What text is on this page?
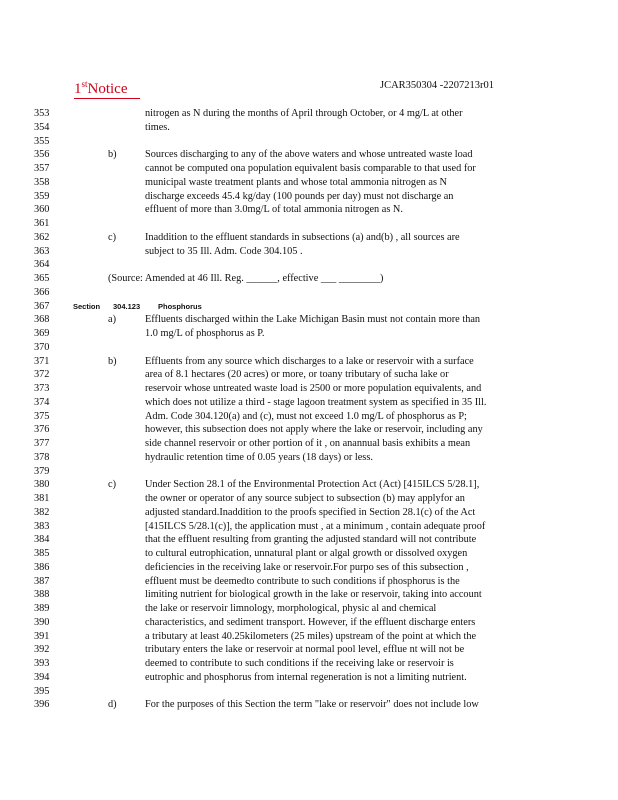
1stNotice	JCAR350304 -2207213r01
353	nitrogen as N during the months of April through October, or 4 mg/L at other
354	times.
355
356	b)	Sources discharging to any of the above waters and whose untreated waste load
357	cannot be computed ona population equivalent basis comparable to that used for
358	municipal waste treatment plants and whose total ammonia nitrogen as N
359	discharge exceeds 45.4 kg/day (100 pounds per day) must not discharge an
360	effluent of more than 3.0mg/L of total ammonia nitrogen as N.
361
362	c)	Inaddition to the effluent standards in subsections (a) and(b) , all sources are
363	subject to 35 Ill. Adm. Code 304.105 .
364
365	(Source: Amended at 46 Ill. Reg. ______, effective ___ ________)
366
367	Section 304.123 Phosphorus
368	a)	Effluents discharged within the Lake Michigan Basin must not contain more than
369	1.0 mg/L of phosphorus as P.
370
371	b)	Effluents from any source which discharges to a lake or reservoir with a surface
372	area of 8.1 hectares (20 acres) or more, or toany tributary of sucha lake or
373	reservoir whose untreated waste load is 2500 or more population equivalents, and
374	which does not utilize a third - stage lagoon treatment system as specified in 35 Ill.
375	Adm. Code 304.120(a) and (c), must not exceed 1.0 mg/L of phosphorus as P;
376	however, this subsection does not apply where the lake or reservoir, including any
377	side channel reservoir or other portion of it , on anannual basis exhibits a mean
378	hydraulic retention time of 0.05 years (18 days) or less.
379
380	c)	Under Section 28.1 of the Environmental Protection Act (Act) [415ILCS 5/28.1],
381	the owner or operator of any source subject to subsection (b) may applyfor an
382	adjusted standard.Inaddition to the proofs specified in Section 28.1(c) of the Act
383	[415ILCS 5/28.1(c)], the application must , at a minimum , contain adequate proof
384	that the effluent resulting from granting the adjusted standard will not contribute
385	to cultural eutrophication, unnatural plant or algal growth or dissolved oxygen
386	deficiencies in the receiving lake or reservoir.For purpo ses of this subsection ,
387	effluent must be deemedto contribute to such conditions if phosphorus is the
388	limiting nutrient for biological growth in the lake or reservoir, taking into account
389	the lake or reservoir limnology, morphological, physic al and chemical
390	characteristics, and sediment transport. However, if the effluent discharge enters
391	a tributary at least 40.25kilometers (25 miles) upstream of the point at which the
392	tributary enters the lake or reservoir at normal pool level, efflue nt will not be
393	deemed to contribute to such conditions if the receiving lake or reservoir is
394	eutrophic and phosphorus from internal regeneration is not a limiting nutrient.
395
396	d)	For the purposes of this Section the term "lake or reservoir" does not include low
